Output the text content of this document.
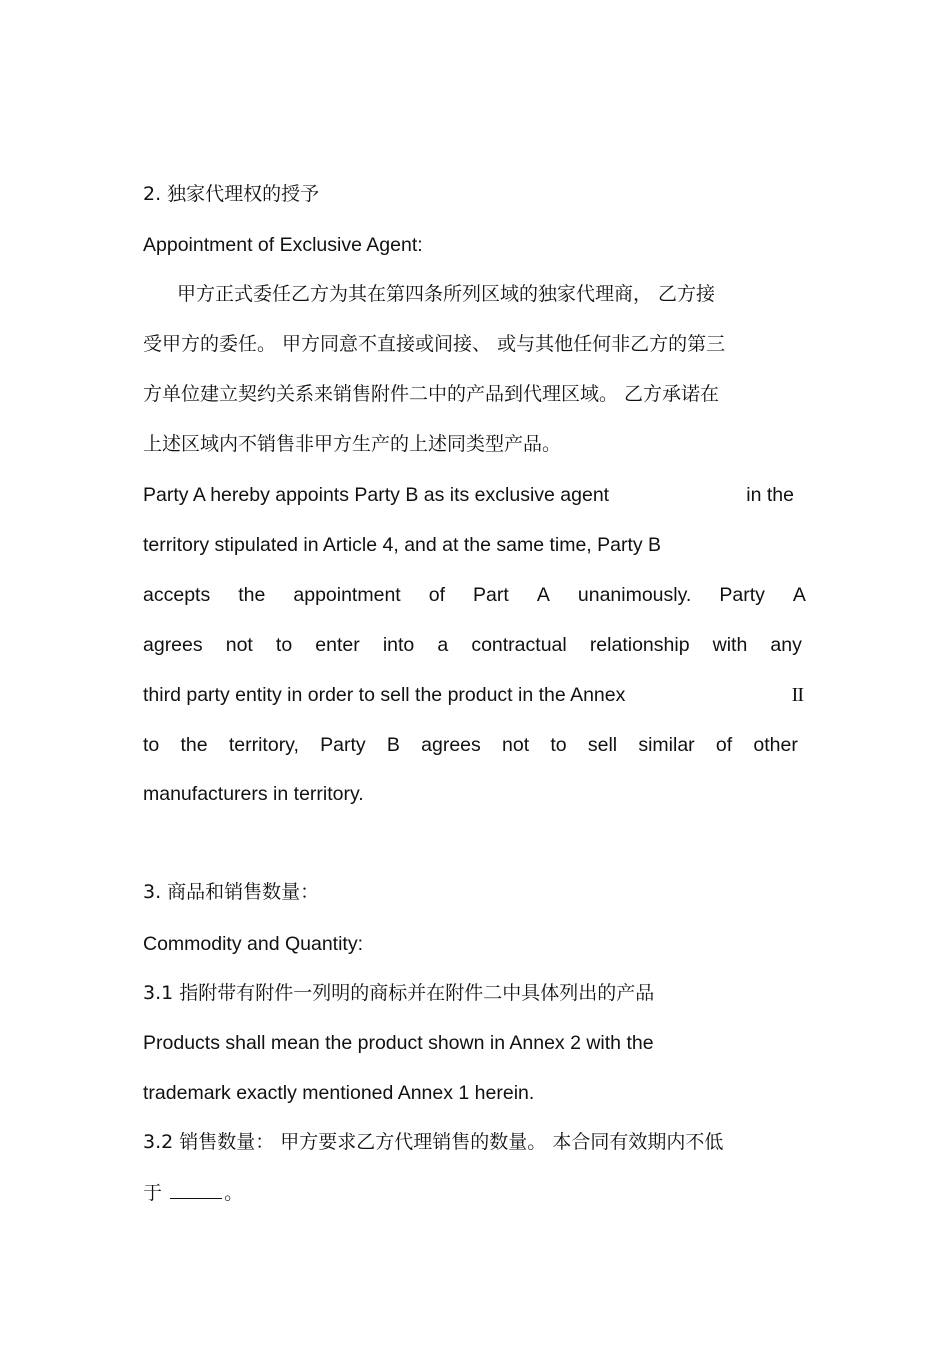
2. 独家代理权的授予

Appointment of Exclusive Agent:

甲方正式委任乙方为其在第四条所列区域的独家代理商， 乙方接

受甲方的委任。 甲方同意不直接或间接、 或与其他任何非乙方的第三

方单位建立契约关系来销售附件二中的产品到代理区域。 乙方承诺在

上述区域内不销售非甲方生产的上述同类型产品。

Party A hereby appoints Party B as its exclusive agent	in the

territory stipulated in Article 4, and at the same time, Party B

accepts the appointment of Part A unanimously. Party A

agrees not to enter into a contractual relationship with any

third party entity in order to sell the product in the Annex	II

to the territory, Party B agrees not to sell similar of other

manufacturers in territory.

3. 商品和销售数量：

Commodity and Quantity:

3.1 指附带有附件一列明的商标并在附件二中具体列出的产品

Products shall mean the product shown in Annex 2 with the

trademark exactly mentioned Annex 1 herein.

3.2 销售数量： 甲方要求乙方代理销售的数量。 本合同有效期内不低

于	。
